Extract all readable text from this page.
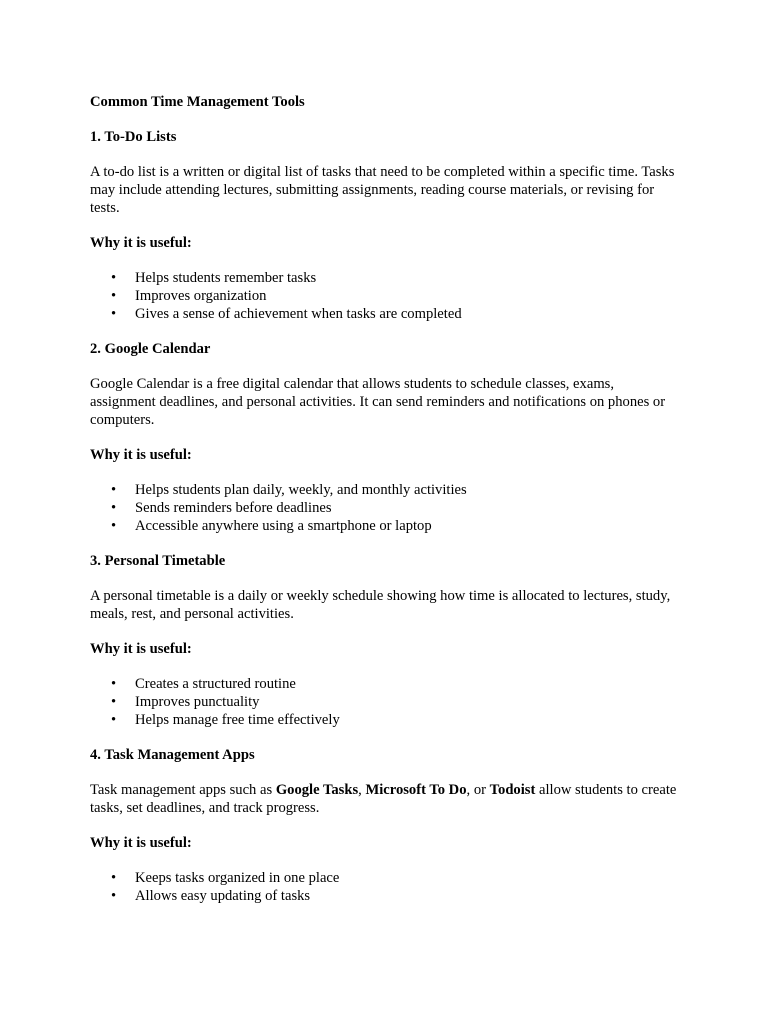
Common Time Management Tools
1. To-Do Lists
A to-do list is a written or digital list of tasks that need to be completed within a specific time. Tasks may include attending lectures, submitting assignments, reading course materials, or revising for tests.
Why it is useful:
• Helps students remember tasks
• Improves organization
• Gives a sense of achievement when tasks are completed
2. Google Calendar
Google Calendar is a free digital calendar that allows students to schedule classes, exams, assignment deadlines, and personal activities. It can send reminders and notifications on phones or computers.
Why it is useful:
• Helps students plan daily, weekly, and monthly activities
• Sends reminders before deadlines
• Accessible anywhere using a smartphone or laptop
3. Personal Timetable
A personal timetable is a daily or weekly schedule showing how time is allocated to lectures, study, meals, rest, and personal activities.
Why it is useful:
• Creates a structured routine
• Improves punctuality
• Helps manage free time effectively
4. Task Management Apps
Task management apps such as Google Tasks, Microsoft To Do, or Todoist allow students to create tasks, set deadlines, and track progress.
Why it is useful:
• Keeps tasks organized in one place
• Allows easy updating of tasks
